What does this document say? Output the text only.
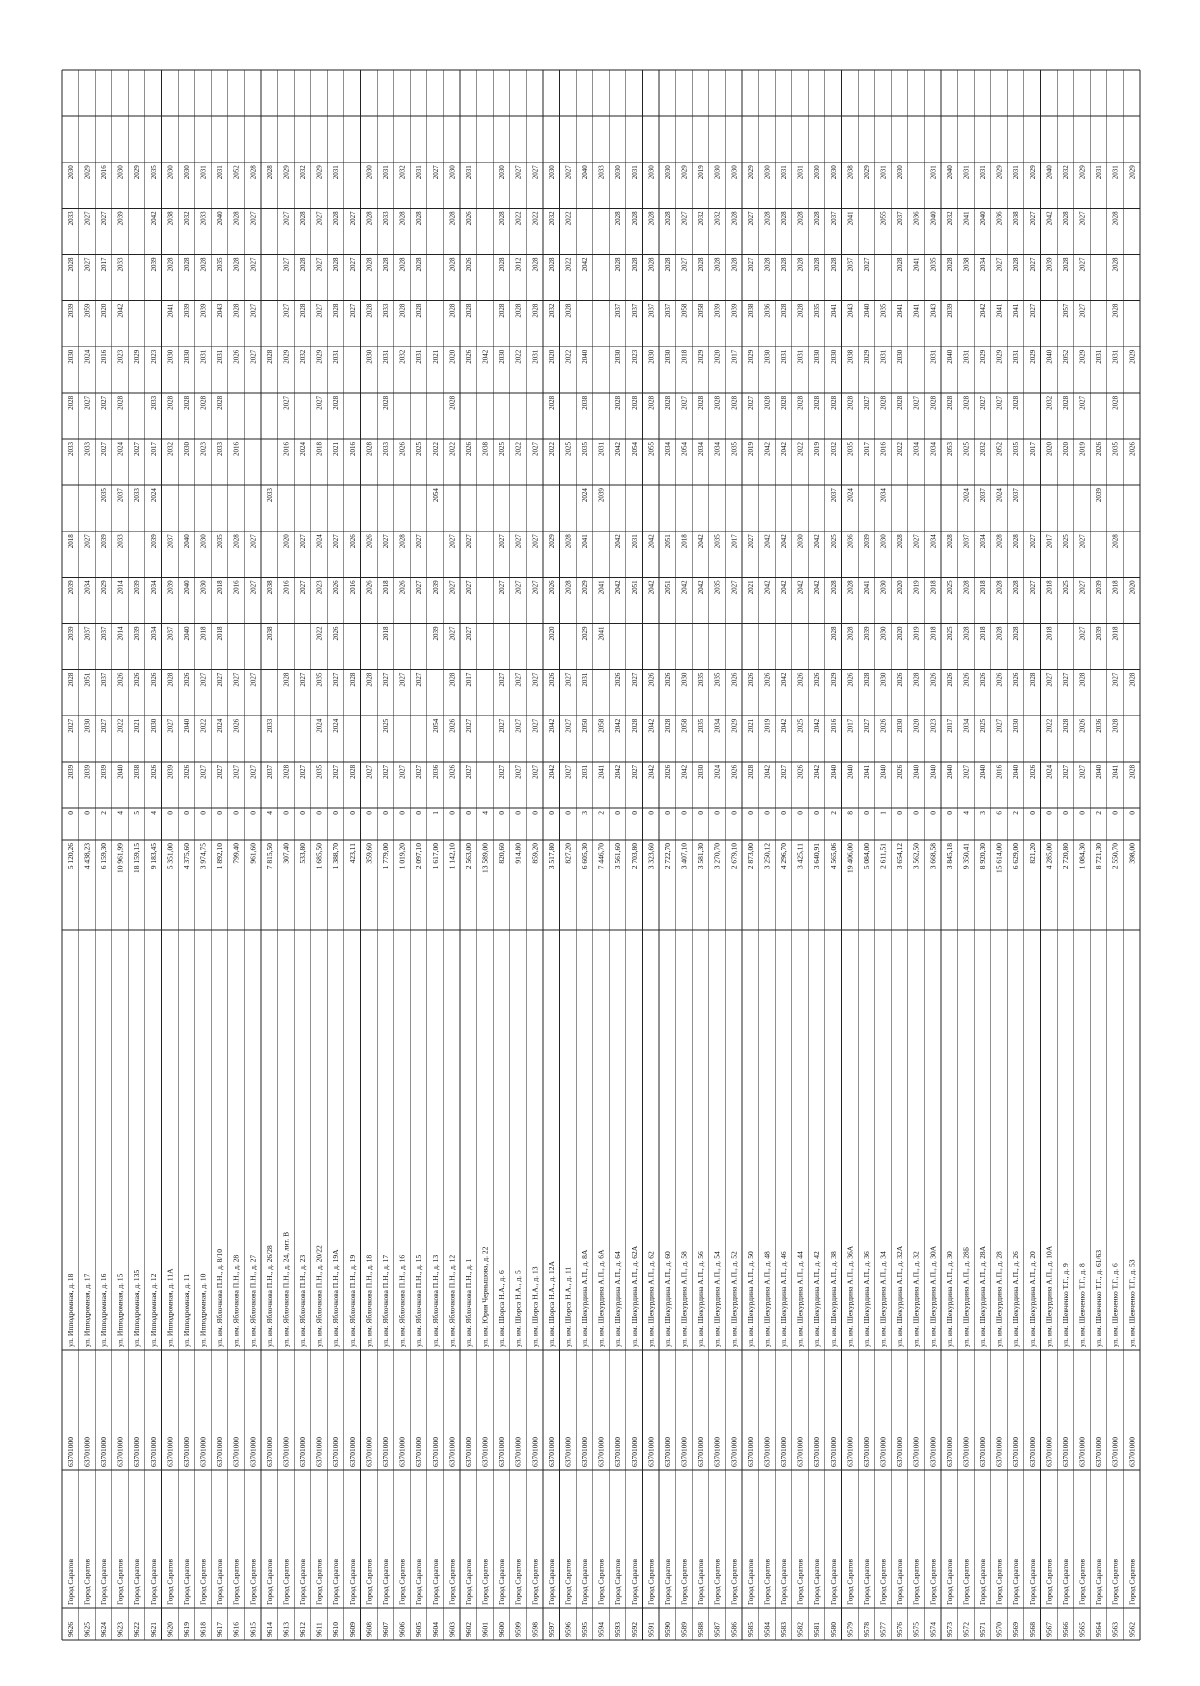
9562
Город Саратов
63701000
ул. им. Шевченко Т.Г., д. 53
398,00
0
2028
2028
2020
2026
2029
2029
9563
Город Саратов
63701000
ул. им. Шевченко Т.Г., д. 6
2 550,70
0
2041
2028
2027
2018
2018
2028
2035
2028
2031
2028
2028
2028
2031
9564
Город Саратов
63701000
ул. им. Шевченко Т.Г., д. 61/63
8 721,30
2
2040
2036
2039
2039
2039
2026
2031
2031
9565
Город Саратов
63701000
ул. им. Шевченко Т.Г., д. 8
1 084,30
0
2027
2026
2028
2027
2027
2027
2019
2027
2029
2027
2027
2027
2029
9566
Город Саратов
63701000
ул. им. Шевченко Т.Г., д. 9
2 720,80
0
2027
2028
2027
2025
2025
2020
2028
2052
2057
2028
2028
2032
9567
Город Саратов
63701000
ул. им. Шекурдина А.П., д. 10А
4 285,00
0
2024
2022
2027
2018
2018
2017
2020
2032
2040
2039
2042
2040
9568
Город Саратов
63701000
ул. им. Шекурдина А.П., д. 20
821,20
0
2026
2028
2027
2027
2017
2029
2027
2027
2027
2029
9569
Город Саратов
63701000
ул. им. Шекурдина А.П., д. 26
6 629,00
2
2040
2030
2026
2028
2028
2028
2037
2035
2028
2031
2041
2028
2038
2031
9570
Город Саратов
63701000
ул. им. Шекурдина А.П., д. 28
15 614,00
6
2016
2027
2026
2028
2028
2028
2024
2052
2027
2029
2041
2027
2036
2029
9571
Город Саратов
63701000
ул. им. Шекурдина А.П., д. 28А
8 920,30
3
2040
2025
2026
2018
2018
2034
2037
2032
2027
2029
2042
2034
2040
2031
9572
Город Саратов
63701000
ул. им. Шекурдина А.П., д. 28Б
9 350,41
4
2027
2034
2026
2028
2028
2037
2024
2025
2028
2031
2038
2041
2031
9573
Город Саратов
63701000
ул. им. Шекурдина А.П., д. 30
3 845,18
0
2040
2017
2026
2025
2025
2028
2053
2028
2040
2039
2028
2032
2040
9574
Город Саратов
63701000
ул. им. Шекурдина А.П., д. 30А
3 668,58
0
2040
2023
2026
2018
2018
2034
2034
2028
2031
2043
2035
2040
2031
9575
Город Саратов
63701000
ул. им. Шекурдина А.П., д. 32
3 562,50
0
2040
2020
2028
2019
2019
2027
2034
2027
2041
2041
2036
9576
Город Саратов
63701000
ул. им. Шекурдина А.П., д. 32А
3 654,12
0
2026
2030
2026
2020
2020
2028
2022
2028
2030
2041
2028
2037
2030
9577
Город Саратов
63701000
ул. им. Шекурдина А.П., д. 34
2 611,51
1
2040
2026
2030
2030
2030
2030
2034
2016
2028
2031
2035
2055
2031
9578
Город Саратов
63701000
ул. им. Шекурдина А.П., д. 36
5 084,00
0
2041
2027
2028
2039
2041
2039
2017
2027
2029
2040
2027
2029
9579
Город Саратов
63701000
ул. им. Шекурдина А.П., д. 36А
19 406,00
8
2040
2017
2026
2028
2028
2036
2024
2035
2028
2038
2043
2037
2041
2038
9580
Город Саратов
63701000
ул. им. Шекурдина А.П., д. 38
4 565,06
2
2040
2016
2029
2028
2028
2025
2037
2032
2028
2030
2041
2028
2037
2030
9581
Город Саратов
63701000
ул. им. Шекурдина А.П., д. 42
3 640,91
0
2042
2042
2026
2042
2042
2019
2028
2030
2035
2028
2028
2030
9582
Город Саратов
63701000
ул. им. Шекурдина А.П., д. 44
3 425,11
0
2026
2025
2026
2042
2030
2022
2028
2031
2028
2028
2028
2031
9583
Город Саратов
63701000
ул. им. Шекурдина А.П., д. 46
4 296,70
0
2027
2042
2042
2042
2042
2042
2028
2031
2028
2028
2028
2031
9584
Город Саратов
63701000
ул. им. Шекурдина А.П., д. 48
3 250,12
0
2042
2019
2026
2042
2042
2042
2028
2030
2036
2028
2028
2030
9585
Город Саратов
63701000
ул. им. Шекурдина А.П., д. 50
2 873,00
0
2028
2021
2026
2021
2027
2019
2027
2029
2038
2027
2027
2029
9586
Город Саратов
63701000
ул. им. Шекурдина А.П., д. 52
2 679,10
0
2026
2029
2026
2027
2017
2035
2028
2017
2039
2028
2028
2030
9587
Город Саратов
63701000
ул. им. Шекурдина А.П., д. 54
3 270,70
0
2024
2034
2035
2035
2035
2034
2028
2020
2039
2028
2032
2030
9588
Город Саратов
63701000
ул. им. Шекурдина А.П., д. 56
3 581,30
0
2030
2035
2035
2042
2042
2034
2028
2029
2058
2028
2032
2019
9589
Город Саратов
63701000
ул. им. Шекурдина А.П., д. 58
3 407,10
0
2042
2058
2030
2042
2018
2054
2027
2018
2058
2027
2027
2029
9590
Город Саратов
63701000
ул. им. Шекурдина А.П., д. 60
2 722,70
0
2026
2028
2026
2051
2051
2034
2028
2030
2037
2028
2028
2030
9591
Город Саратов
63701000
ул. им. Шекурдина А.П., д. 62
3 323,60
0
2042
2042
2026
2042
2042
2055
2028
2030
2037
2028
2028
2030
9592
Город Саратов
63701000
ул. им. Шекурдина А.П., д. 62А
2 703,80
0
2027
2028
2027
2051
2031
2054
2028
2023
2037
2028
2028
2031
9593
Город Саратов
63701000
ул. им. Шекурдина А.П., д. 64
3 561,60
0
2042
2042
2026
2042
2042
2042
2028
2030
2037
2028
2028
2030
9594
Город Саратов
63701000
ул. им. Шекурдина А.П., д. 6А
7 446,70
2
2041
2058
2041
2041
2039
2031
2033
9595
Город Саратов
63701000
ул. им. Шекурдина А.П., д. 8А
6 605,30
3
2031
2050
2031
2029
2029
2041
2024
2035
2038
2040
2042
2040
9596
Город Саратов
63701000
ул. им. Шорса Н.А., д. 11
827,20
0
2027
2027
2027
2028
2028
2025
2022
2028
2022
2022
2027
9597
Город Саратов
63701000
ул. им. Шорса Н.А., д. 12А
3 517,80
0
2042
2042
2026
2020
2026
2029
2022
2028
2020
2032
2028
2032
2030
9598
Город Саратов
63701000
ул. им. Шорса Н.А., д. 13
859,20
0
2027
2027
2027
2027
2027
2027
2031
2028
2028
2022
2027
9599
Город Саратов
63701000
ул. им. Шорса Н.А., д. 5
914,80
0
2027
2027
2027
2027
2027
2022
2022
2028
2012
2022
2027
9600
Город Саратов
63701000
ул. им. Шорса Н.А., д. 6
820,60
0
2027
2027
2027
2027
2027
2025
2030
2028
2028
2028
2030
9601
Город Саратов
63701000
ул. им. Юрия Чернышова, д. 22
13 589,00
4
2038
2042
9602
Город Саратов
63701000
ул. им. Яблочкова П.Н., д. 1
2 563,00
0
2027
2027
2017
2027
2027
2027
2026
2026
2028
2026
2026
2031
9603
Город Саратов
63701000
ул. им. Яблочкова П.Н., д. 12
1 142,10
0
2026
2026
2028
2027
2027
2027
2022
2028
2020
2028
2028
2028
2030
9604
Город Саратов
63701000
ул. им. Яблочкова П.Н., д. 13
1 617,00
1
2036
2054
2039
2039
2054
2022
2021
2027
9605
Город Саратов
63701000
ул. им. Яблочкова П.Н., д. 15
2 097,10
0
2027
2027
2027
2027
2025
2031
2028
2028
2028
2031
9606
Город Саратов
63701000
ул. им. Яблочкова П.Н., д. 16
1 019,20
0
2027
2027
2026
2028
2026
2032
2028
2028
2028
2032
9607
Город Саратов
63701000
ул. им. Яблочкова П.Н., д. 17
1 779,00
0
2027
2025
2027
2018
2018
2027
2033
2028
2031
2033
2028
2033
2031
9608
Город Саратов
63701000
ул. им. Яблочкова П.Н., д. 18
359,60
0
2027
2028
2026
2026
2028
2030
2028
2028
2028
2030
9609
Город Саратов
63701000
ул. им. Яблочкова П.Н., д. 19
423,11
0
2028
2028
2016
2026
2016
2027
2027
2027
9610
Город Саратов
63701000
ул. им. Яблочкова П.Н., д. 19А
1 388,70
0
2027
2024
2027
2026
2026
2027
2021
2028
2031
2028
2028
2028
2031
9611
Город Саратов
63701000
ул. им. Яблочкова П.Н., д. 20/22
1 685,50
0
2035
2024
2035
2022
2023
2024
2018
2027
2029
2027
2027
2027
2029
9612
Город Саратов
63701000
ул. им. Яблочкова П.Н., д. 23
533,80
0
2027
2027
2027
2027
2024
2032
2028
2028
2028
2032
9613
Город Саратов
63701000
ул. им. Яблочкова П.Н., д. 24, лит. В
307,40
0
2028
2028
2016
2020
2016
2027
2029
2027
2027
2027
2029
9614
Город Саратов
63701000
ул. им. Яблочкова П.Н., д. 26/28
7 815,50
4
2037
2033
2038
2038
2033
2028
2028
9615
Город Саратов
63701000
ул. им. Яблочкова П.Н., д. 27
961,60
0
2027
2027
2027
2027
2027
2027
2027
2027
2028
9616
Город Саратов
63701000
ул. им. Яблочкова П.Н., д. 28
799,40
0
2027
2026
2027
2016
2028
2016
2026
2028
2028
2028
2052
9617
Город Саратов
63701000
ул. им. Яблочкова П.Н., д. 8/10
1 892,10
0
2027
2024
2027
2018
2018
2035
2033
2028
2031
2043
2035
2040
2031
9618
Город Саратов
63701000
ул. Ипподромная, д. 10
3 974,75
0
2027
2022
2027
2018
2030
2030
2023
2028
2031
2039
2028
2033
2031
9619
Город Саратов
63701000
ул. Ипподромная, д. 11
4 375,60
0
2026
2040
2026
2040
2040
2040
2030
2028
2030
2039
2028
2032
2030
9620
Город Саратов
63701000
ул. Ипподромная, д. 11А
5 351,00
0
2039
2027
2028
2037
2039
2037
2032
2028
2030
2041
2028
2038
2030
9621
Город Саратов
63701000
ул. Ипподромная, д. 12
9 183,45
4
2026
2030
2026
2034
2034
2039
2024
2017
2033
2023
2039
2042
2035
9622
Город Саратов
63701000
ул. Ипподромная, д. 135
18 159,15
5
2038
2021
2026
2039
2039
2033
2027
2029
2029
9623
Город Саратов
63701000
ул. Ипподромная, д. 15
10 961,99
4
2040
2022
2026
2014
2014
2033
2037
2024
2028
2023
2042
2033
2039
2030
9624
Город Саратов
63701000
ул. Ипподромная, д. 16
6 159,30
2
2039
2027
2037
2037
2029
2039
2035
2027
2027
2016
2020
2017
2027
2016
9625
Город Саратов
63701000
ул. Ипподромная, д. 17
4 438,23
0
2039
2030
2051
2037
2034
2027
2033
2027
2024
2059
2027
2027
2029
9626
Город Саратов
63701000
ул. Ипподромная, д. 18
5 120,26
0
2039
2027
2028
2039
2039
2018
2033
2028
2030
2039
2028
2033
2030
